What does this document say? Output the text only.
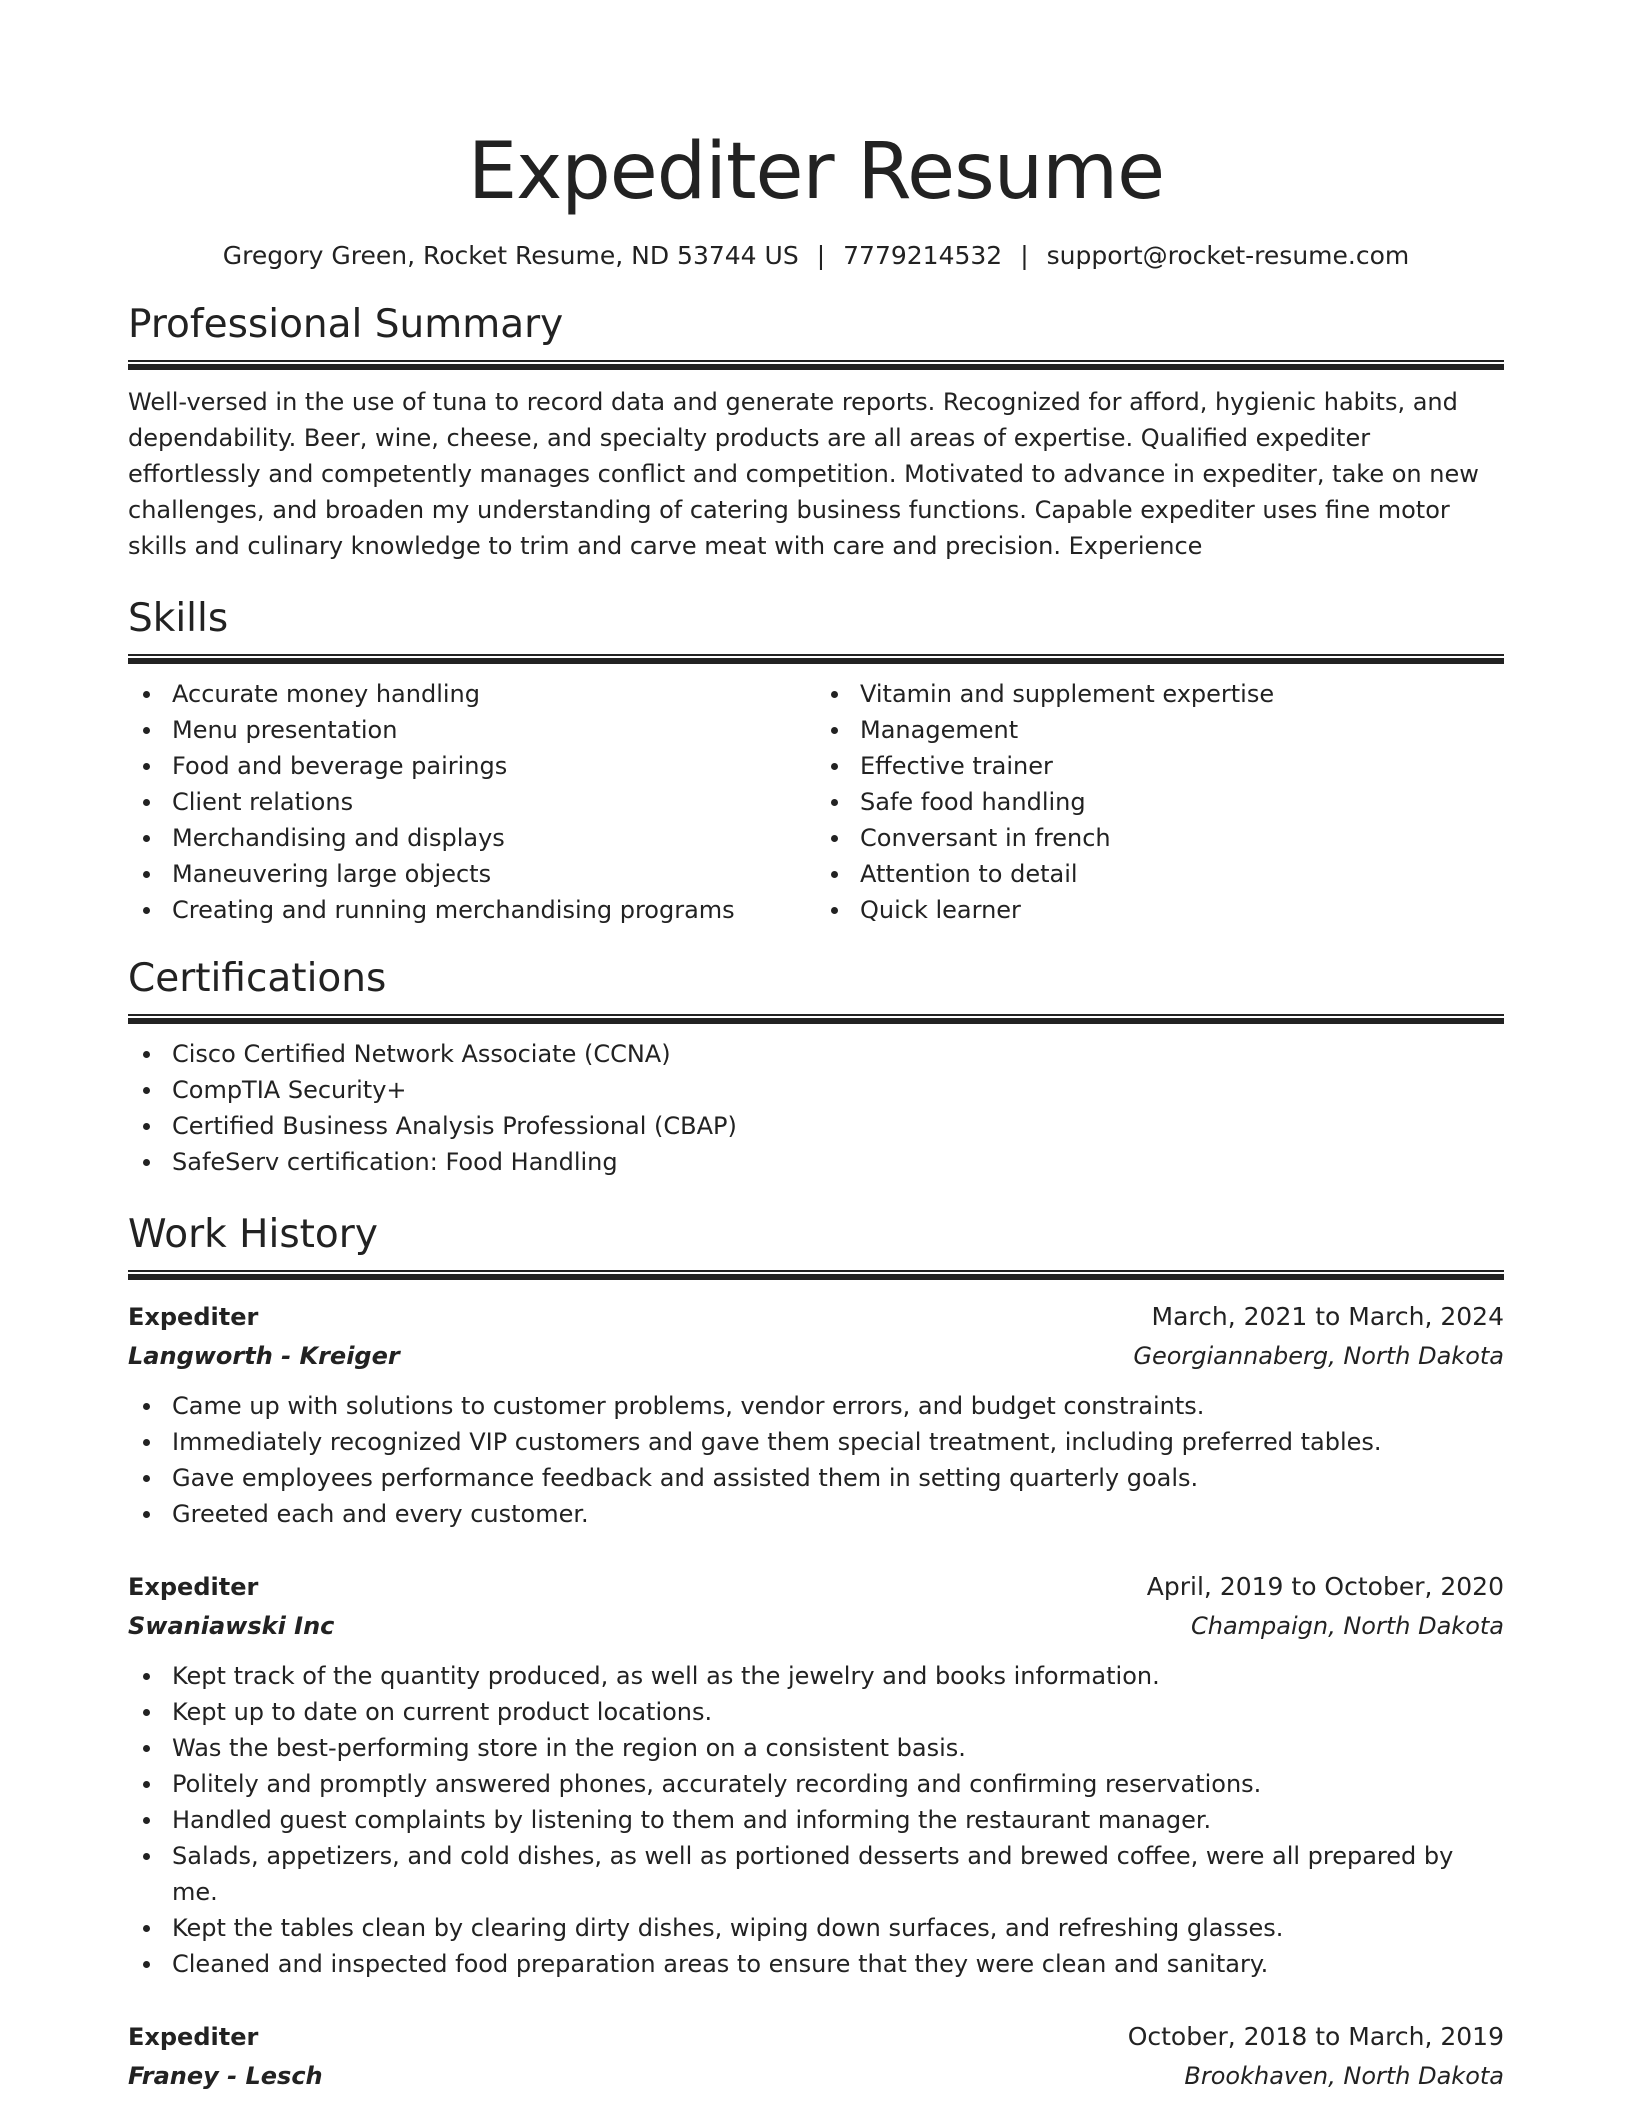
Expediter Resume
Gregory Green, Rocket Resume, ND 53744 US | 7779214532 | support@rocket-resume.com
Professional Summary

Well-versed in the use of tuna to record data and generate reports. Recognized for afford, hygienic habits, and dependability. Beer, wine, cheese, and specialty products are all areas of expertise. Qualified expediter effortlessly and competently manages conflict and competition. Motivated to advance in expediter, take on new challenges, and broaden my understanding of catering business functions. Capable expediter uses fine motor skills and culinary knowledge to trim and carve meat with care and precision. Experience

Skills
Accurate money handling
Menu presentation
Food and beverage pairings
Client relations
Merchandising and displays
Maneuvering large objects
Creating and running merchandising programs
Vitamin and supplement expertise
Management
Effective trainer
Safe food handling
Conversant in french
Attention to detail
Quick learner
Certifications
Cisco Certified Network Associate (CCNA)
CompTIA Security+
Certified Business Analysis Professional (CBAP)
SafeServ certification: Food Handling
Work History
Expediter	March, 2021 to March, 2024
Langworth - Kreiger	Georgiannaberg, North Dakota
Came up with solutions to customer problems, vendor errors, and budget constraints.
Immediately recognized VIP customers and gave them special treatment, including preferred tables.
Gave employees performance feedback and assisted them in setting quarterly goals.
Greeted each and every customer.
Expediter	April, 2019 to October, 2020
Swaniawski Inc	Champaign, North Dakota
Kept track of the quantity produced, as well as the jewelry and books information.
Kept up to date on current product locations.
Was the best-performing store in the region on a consistent basis.
Politely and promptly answered phones, accurately recording and confirming reservations.
Handled guest complaints by listening to them and informing the restaurant manager.
Salads, appetizers, and cold dishes, as well as portioned desserts and brewed coffee, were all prepared by me.
Kept the tables clean by clearing dirty dishes, wiping down surfaces, and refreshing glasses.
Cleaned and inspected food preparation areas to ensure that they were clean and sanitary.
Expediter	October, 2018 to March, 2019
Franey - Lesch	Brookhaven, North Dakota
